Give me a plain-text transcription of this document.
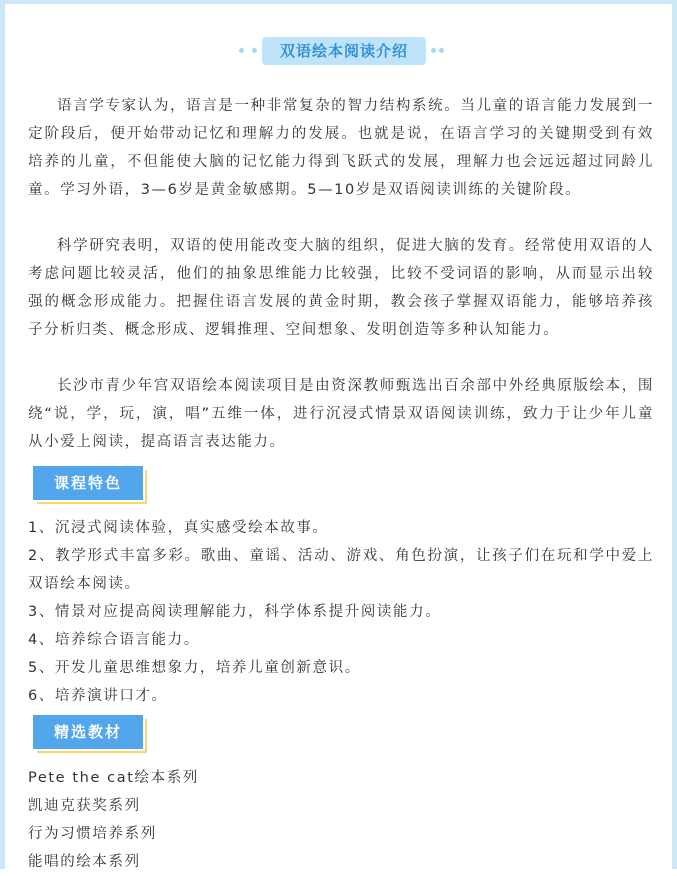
双语绘本阅读介绍

语言学专家认为，语言是一种非常复杂的智力结构系统。当儿童的语言能力发展到一定阶段后，便开始带动记忆和理解力的发展。也就是说，在语言学习的关键期受到有效培养的儿童，不但能使大脑的记忆能力得到飞跃式的发展，理解力也会远远超过同龄儿童。学习外语，3—6岁是黄金敏感期。5—10岁是双语阅读训练的关键阶段。

科学研究表明，双语的使用能改变大脑的组织，促进大脑的发育。经常使用双语的人考虑问题比较灵活，他们的抽象思维能力比较强，比较不受词语的影响，从而显示出较强的概念形成能力。把握住语言发展的黄金时期，教会孩子掌握双语能力，能够培养孩子分析归类、概念形成、逻辑推理、空间想象、发明创造等多种认知能力。

长沙市青少年宫双语绘本阅读项目是由资深教师甄选出百余部中外经典原版绘本，围绕“说，学，玩，演，唱”五维一体，进行沉浸式情景双语阅读训练，致力于让少年儿童从小爱上阅读，提高语言表达能力。

课程特色
1、沉浸式阅读体验，真实感受绘本故事。
2、教学形式丰富多彩。歌曲、童谣、活动、游戏、角色扮演，让孩子们在玩和学中爱上双语绘本阅读。
3、情景对应提高阅读理解能力，科学体系提升阅读能力。
4、培养综合语言能力。
5、开发儿童思维想象力，培养儿童创新意识。
6、培养演讲口才。
精选教材
Pete the cat绘本系列
凯迪克获奖系列
行为习惯培养系列
能唱的绘本系列
